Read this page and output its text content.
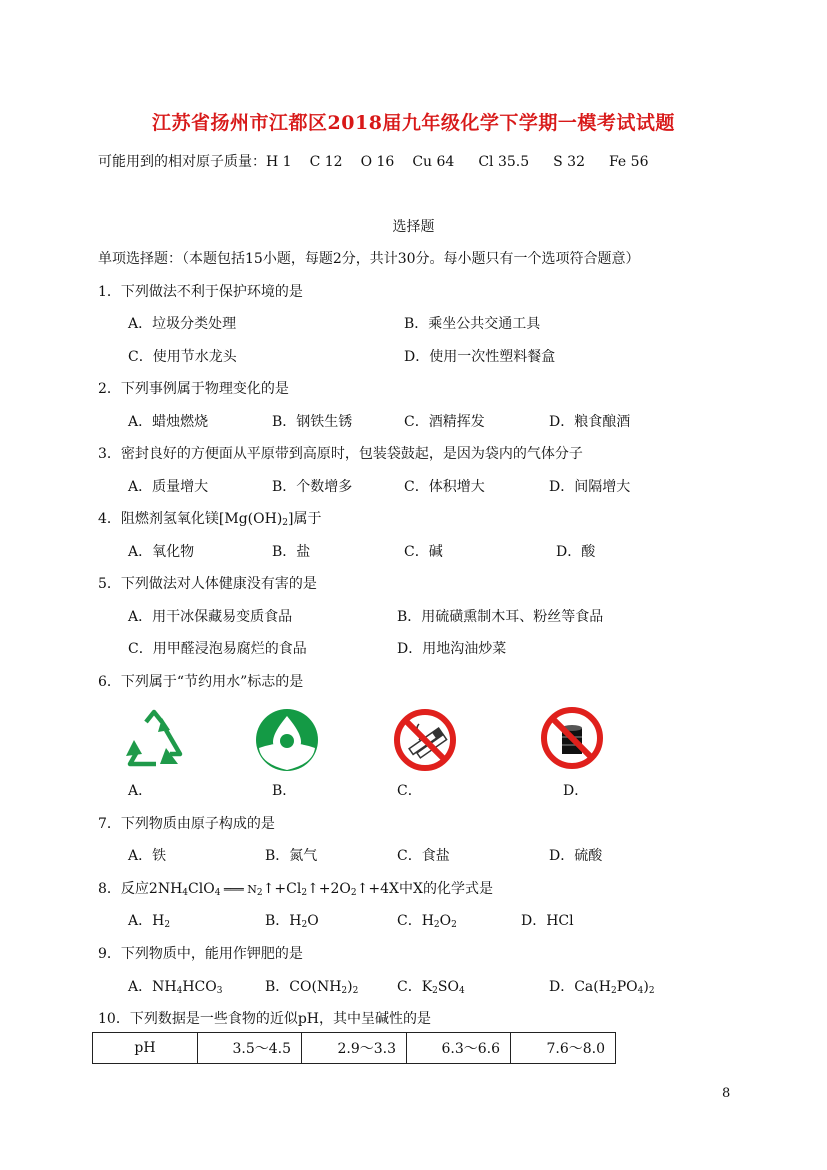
江苏省扬州市江都区2018届九年级化学下学期一模考试试题
可能用到的相对原子质量：H 1 C 12 O 16 Cu 64 Cl 35.5 S 32 Fe 56
选择题
单项选择题：（本题包括15小题，每题2分，共计30分。每小题只有一个选项符合题意）
1．下列做法不利于保护环境的是
A．垃圾分类处理	B．乘坐公共交通工具
C．使用节水龙头	D．使用一次性塑料餐盒
2．下列事例属于物理变化的是
A．蜡烛燃烧	B．钢铁生锈	C．酒精挥发	D．粮食酿酒
3．密封良好的方便面从平原带到高原时，包装袋鼓起，是因为袋内的气体分子
A．质量增大	B．个数增多	C．体积增大	D．间隔增大
4．阻燃剂氢氧化镁$[Mg(OH)_2]$属于
A．氧化物	B．盐	C．碱	D．酸
5．下列做法对人体健康没有害的是
A．用干冰保藏易变质食品	B．用硫磺熏制木耳、粉丝等食品
C．用甲醛浸泡易腐烂的食品	D．用地沟油炒菜
6．下列属于“节约用水”标志的是
A．	B．	C．	D．
7．下列物质由原子构成的是
A．铁	B．氮气	C．食盐	D．硫酸
8．反应$2NH_4ClO_4$ ═══ $N_2↑+Cl_2↑+2O_2↑+4X$中X的化学式是
A．$H_2$	B．$H_2O$	C．$H_2O_2$	D．HCl
9．下列物质中，能用作钾肥的是
A．$NH_4HCO_3$	B．$CO(NH_2)_2$	C．$K_2SO_4$	D．$Ca(H_2PO_4)_2$
10．下列数据是一些食物的近似pH，其中呈碱性的是
pH	3.5～4.5	2.9～3.3	6.3～6.6	7.6～8.0
8
